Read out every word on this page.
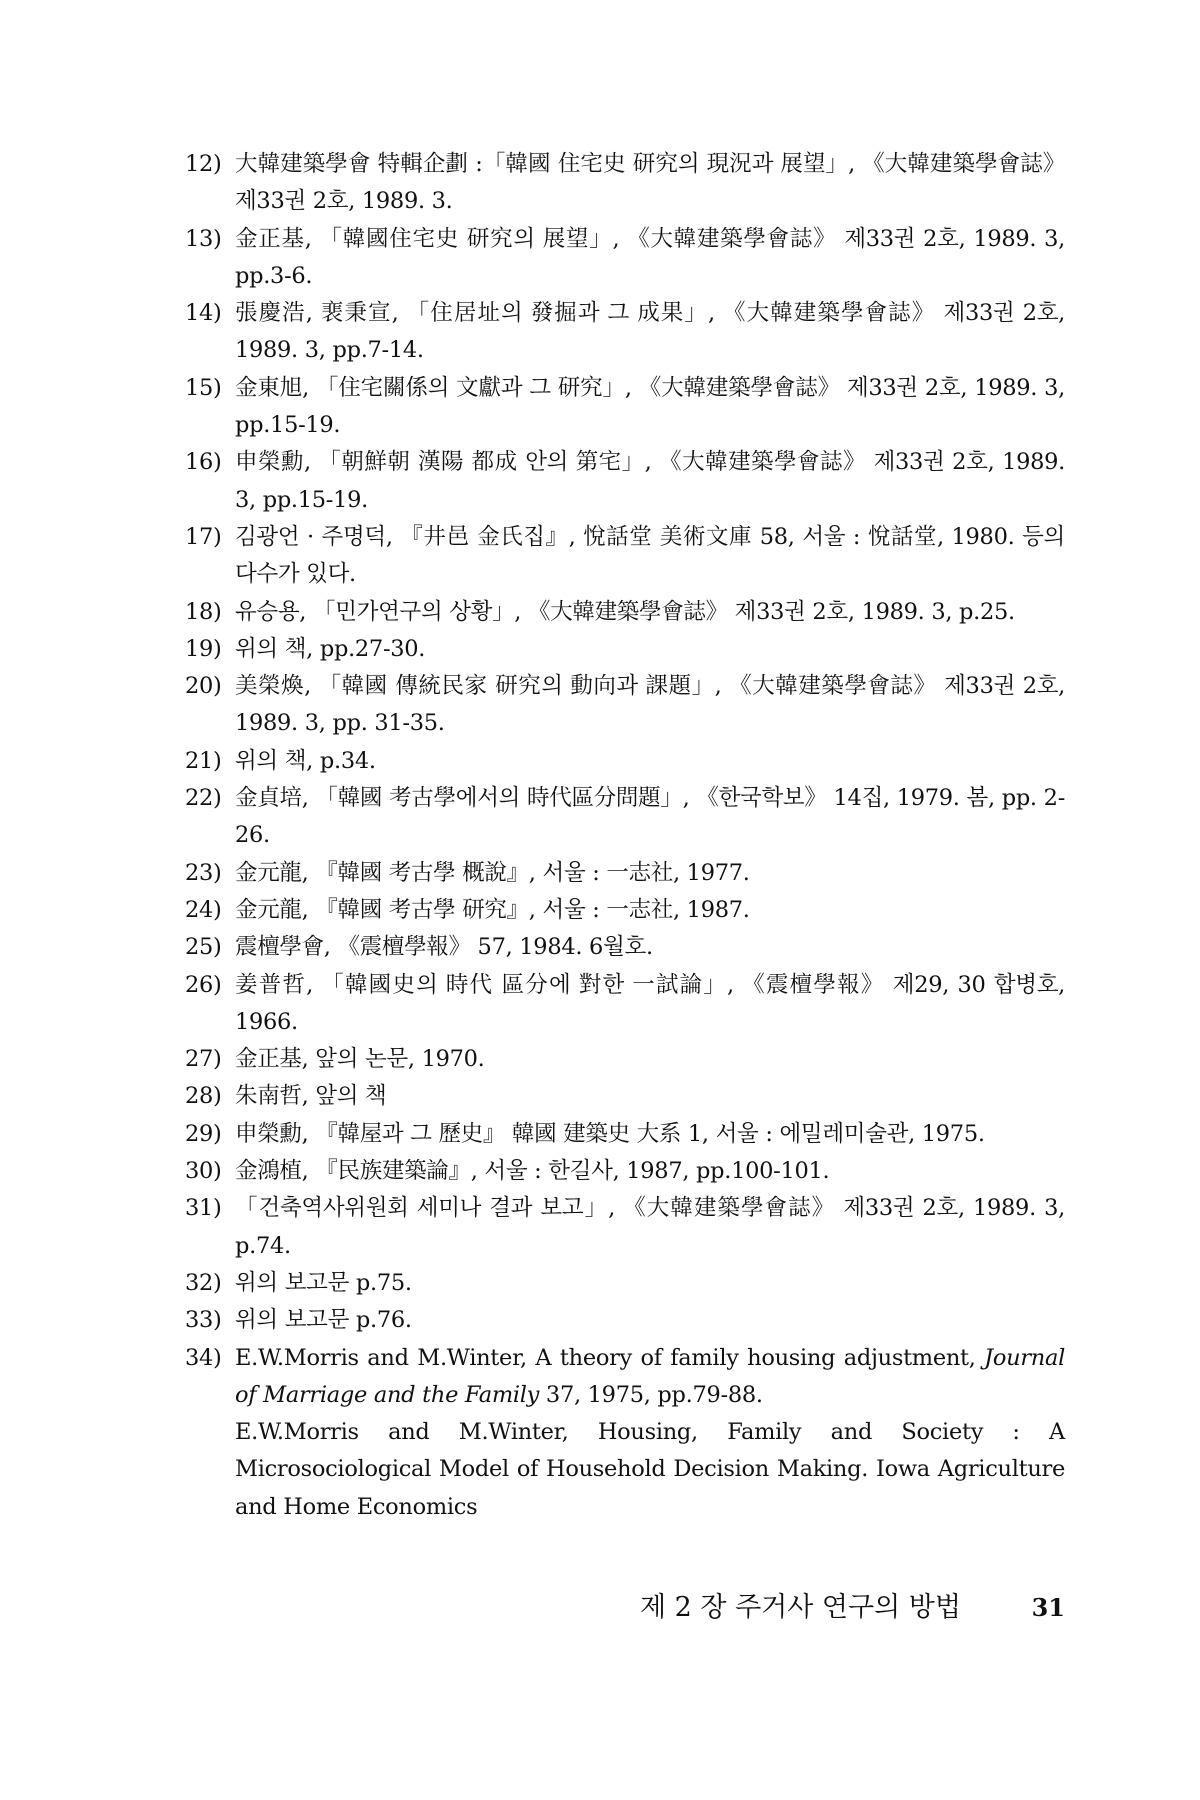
12) 大韓建築學會 特輯企劃 :「韓國 住宅史 研究의 現況과 展望」, 《大韓建築學會誌》 제33권 2호, 1989. 3.
13) 金正基, 「韓國住宅史 研究의 展望」, 《大韓建築學會誌》 제33권 2호, 1989. 3, pp.3-6.
14) 張慶浩, 裵秉宣, 「住居址의 發掘과 그 成果」, 《大韓建築學會誌》 제33권 2호, 1989. 3, pp.7-14.
15) 金東旭, 「住宅關係의 文獻과 그 研究」, 《大韓建築學會誌》 제33권 2호, 1989. 3, pp.15-19.
16) 申榮勳, 「朝鮮朝 漢陽 都成 안의 第宅」, 《大韓建築學會誌》 제33권 2호, 1989. 3, pp.15-19.
17) 김광언 · 주명덕, 『井邑 金氏집』, 悅話堂 美術文庫 58, 서울 : 悅話堂, 1980. 등의 다수가 있다.
18) 유승용, 「민가연구의 상황」, 《大韓建築學會誌》 제33권 2호, 1989. 3, p.25.
19) 위의 책, pp.27-30.
20) 美榮煥, 「韓國 傳統民家 研究의 動向과 課題」, 《大韓建築學會誌》 제33권 2호, 1989. 3, pp. 31-35.
21) 위의 책, p.34.
22) 金貞培, 「韓國 考古學에서의 時代區分問題」, 《한국학보》 14집, 1979. 봄, pp. 2-26.
23) 金元龍, 『韓國 考古學 概說』, 서울 : 一志社, 1977.
24) 金元龍, 『韓國 考古學 研究』, 서울 : 一志社, 1987.
25) 震檀學會, 《震檀學報》 57, 1984. 6월호.
26) 姜普哲, 「韓國史의 時代 區分에 對한 一試論」, 《震檀學報》 제29, 30 합병호, 1966.
27) 金正基, 앞의 논문, 1970.
28) 朱南哲, 앞의 책
29) 申榮勳, 『韓屋과 그 歷史』 韓國 建築史 大系 1, 서울 : 에밀레미술관, 1975.
30) 金鴻植, 『民族建築論』, 서울 : 한길사, 1987, pp.100-101.
31) 「건축역사위원회 세미나 결과 보고」, 《大韓建築學會誌》 제33권 2호, 1989. 3, p.74.
32) 위의 보고문 p.75.
33) 위의 보고문 p.76.
34) E.W.Morris and M.Winter, A theory of family housing adjustment, Journal of Marriage and the Family 37, 1975, pp.79-88.
E.W.Morris and M.Winter, Housing, Family and Society : A Microsociological Model of Household Decision Making. Iowa Agriculture and Home Economics
제 2 장 주거사 연구의 방법	31
